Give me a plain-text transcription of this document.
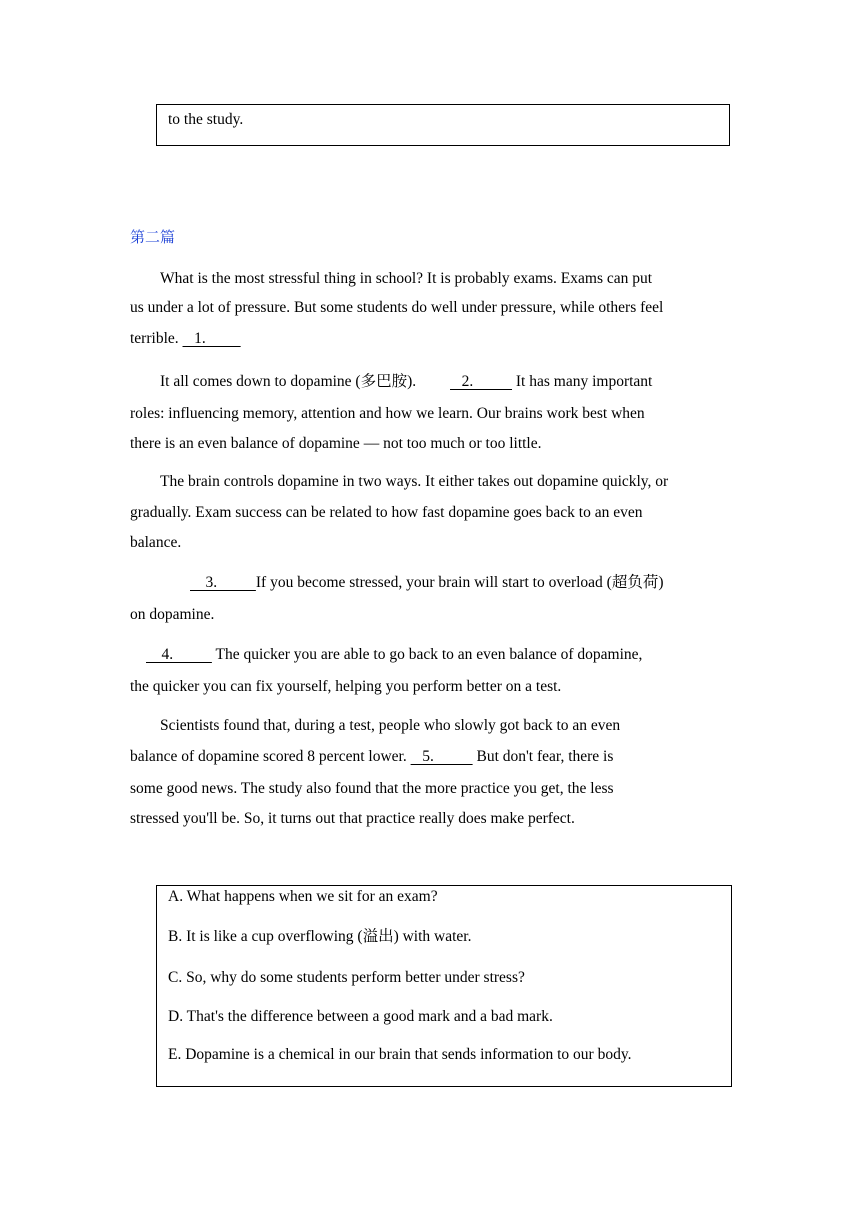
to the study.
第二篇

What is the most stressful thing in school? It is probably exams. Exams can put

us under a lot of pressure. But some students do well under pressure, while others feel

terrible.    1.

It all comes down to dopamine (多巴胺).    2.           It has many important

roles: influencing memory, attention and how we learn. Our brains work best when

there is an even balance of dopamine — not too much or too little.

The brain controls dopamine in two ways. It either takes out dopamine quickly, or

gradually. Exam success can be related to how fast dopamine goes back to an even

balance.

3.          If you become stressed, your brain will start to overload (超负荷)

on dopamine.

4.           The quicker you are able to go back to an even balance of dopamine,

the quicker you can fix yourself, helping you perform better on a test.

Scientists found that, during a test, people who slowly got back to an even

balance of dopamine scored 8 percent lower.    5.           But don't fear, there is

some good news. The study also found that the more practice you get, the less

stressed you'll be. So, it turns out that practice really does make perfect.

A. What happens when we sit for an exam?
B. It is like a cup overflowing (溢出) with water.
C. So, why do some students perform better under stress?
D. That's the difference between a good mark and a bad mark.
E. Dopamine is a chemical in our brain that sends information to our body.
